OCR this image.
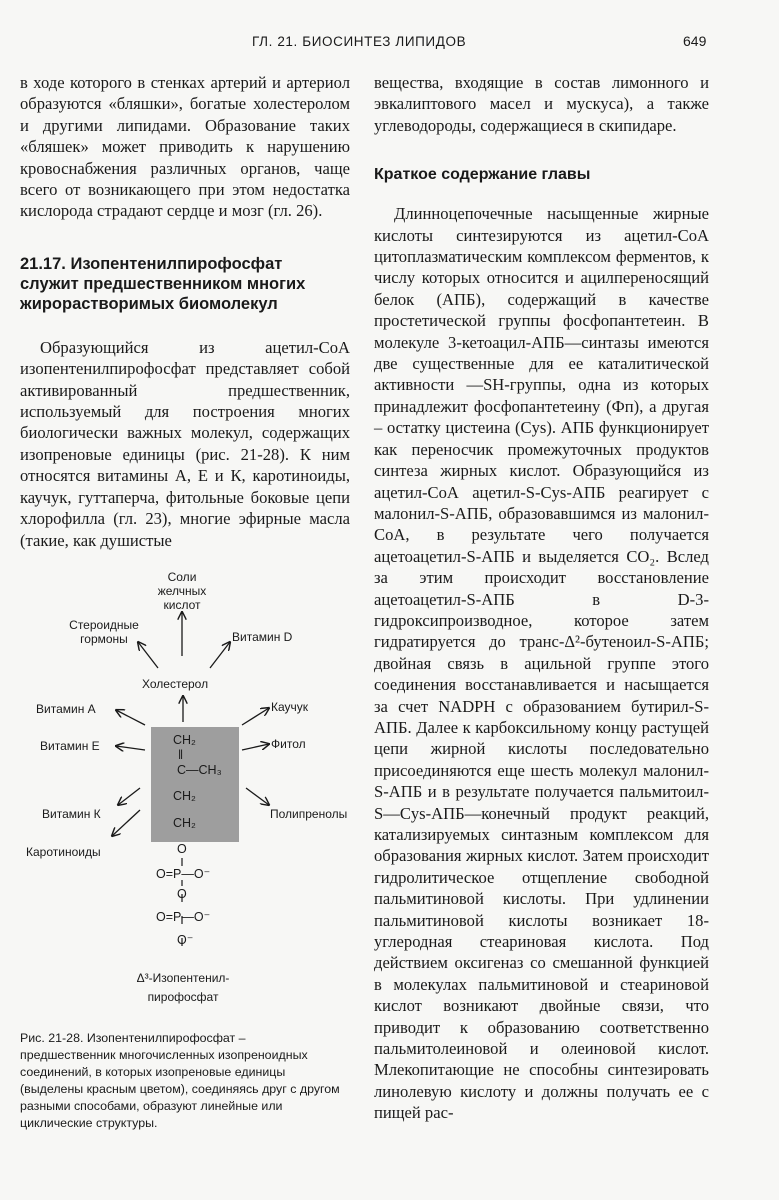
ГЛ. 21. БИОСИНТЕЗ ЛИПИДОВ	649

в ходе которого в стенках артерий и артериол образуются «бляшки», богатые холестеролом и другими липидами. Образование таких «бляшек» может приводить к нарушению кровоснабжения различных органов, чаще всего от возникающего при этом недостатка кислорода страдают сердце и мозг (гл. 26).

21.17. Изопентенилпирофосфат служит предшественником многих жирорастворимых биомолекул

Образующийся из ацетил-СоА изопентенилпирофосфат представляет собой активированный предшественник, используемый для построения многих биологически важных молекул, содержащих изопреновые единицы (рис. 21-28). К ним относятся витамины А, Е и К, каротиноиды, каучук, гуттаперча, фитольные боковые цепи хлорофилла (гл. 23), многие эфирные масла (такие, как душистые

Соли желчных кислот
Стероидные гормоны	Витамин D
Холестерол
Витамин А	Каучук
Витамин Е	Фитол
Витамин К	Полипренолы
Каротиноиды
CH₂
‖
C—CH₃
CH₂
CH₂
O
O=P—O⁻
O
O=P—O⁻
O⁻
Δ³-Изопентенил-пирофосфат
Рис. 21-28. Изопентенилпирофосфат – предшественник многочисленных изопреноидных соединений, в которых изопреновые единицы (выделены красным цветом), соединяясь друг с другом разными способами, образуют линейные или циклические структуры.

вещества, входящие в состав лимонного и эвкалиптового масел и мускуса), а также углеводороды, содержащиеся в скипидаре.

Краткое содержание главы

Длинноцепочечные насыщенные жирные кислоты синтезируются из ацетил-СоА цитоплазматическим комплексом ферментов, к числу которых относится и ацилпереносящий белок (АПБ), содержащий в качестве простетической группы фосфопантетеин. В молекуле 3-кетоацил-АПБ—синтазы имеются две существенные для ее каталитической активности —SH-группы, одна из которых принадлежит фосфопантетеину (Фп), а другая – остатку цистеина (Cys). АПБ функционирует как переносчик промежуточных продуктов синтеза жирных кислот. Образующийся из ацетил-СоА ацетил-S-Cys-АПБ реагирует с малонил-S-АПБ, образовавшимся из малонил-СоА, в результате чего получается ацетоацетил-S-АПБ и выделяется CO₂. Вслед за этим происходит восстановление ацетоацетил-S-АПБ в D-3-гидроксипроизводное, которое затем гидратируется до транс-Δ²-бутеноил-S-АПБ; двойная связь в ацильной группе этого соединения восстанавливается и насыщается за счет NADPH с образованием бутирил-S-АПБ. Далее к карбоксильному концу растущей цепи жирной кислоты последовательно присоединяются еще шесть молекул малонил-S-АПБ и в результате получается пальмитоил-S—Cys-АПБ—конечный продукт реакций, катализируемых синтазным комплексом для образования жирных кислот. Затем происходит гидролитическое отщепление свободной пальмитиновой кислоты. При удлинении пальмитиновой кислоты возникает 18-углеродная стеариновая кислота. Под действием оксигеназ со смешанной функцией в молекулах пальмитиновой и стеариновой кислот возникают двойные связи, что приводит к образованию соответственно пальмитолеиновой и олеиновой кислот. Млекопитающие не способны синтезировать линолевую кислоту и должны получать ее с пищей рас-
